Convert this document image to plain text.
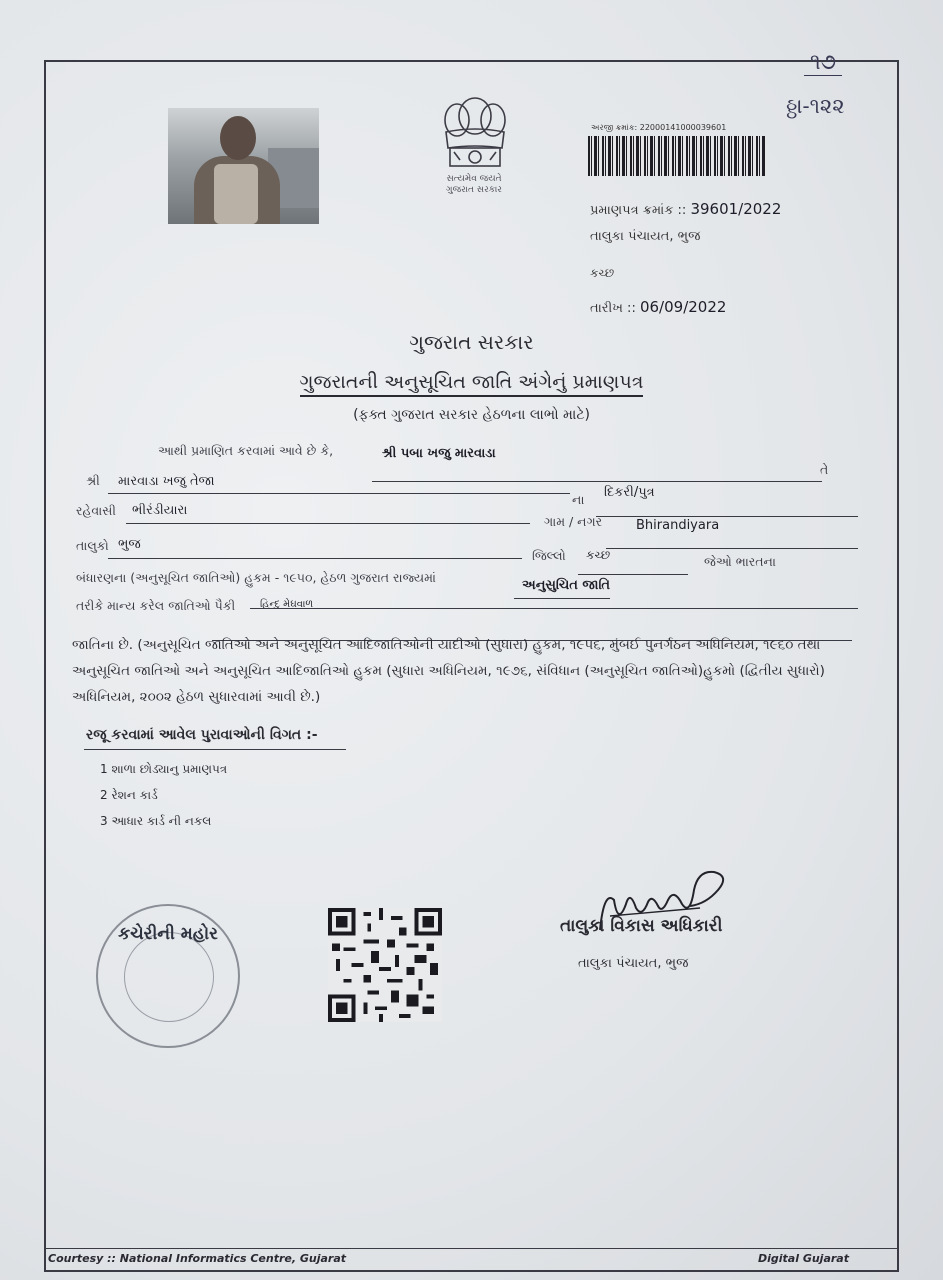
૧૭
ઠ્ઠા-૧૨૨
સત્યમેવ જયતે
ગુજરાત સરકાર
અરજી ક્રમાંક: 22000141000039601
પ્રમાણપત્ર ક્રમાંક :: 39601/2022
તાલુકા પંચાયત, ભુજ
કચ્છ
તારીખ :: 06/09/2022
ગુજરાત સરકાર
ગુજરાતની અનુસૂચિત જાતિ અંગેનું પ્રમાણપત્ર
(ફક્ત ગુજરાત સરકાર હેઠળના લાભો માટે)
આથી પ્રમાણિત કરવામાં આવે છે કે,	શ્રી પબા ખજુ મારવાડા
તે
શ્રી મારવાડા ખજુ તેજા
ના દિકરી/પુત્ર
રહેવાસી ભીરંડીયારા
ગામ / નગર	Bhirandiyara
તાલુકો ભુજ
જિલ્લો કચ્છ	જેઓ ભારતના
બંધારણના (અનુસૂચિત જાતિઓ) હુકમ - ૧૯૫૦, હેઠળ ગુજરાત રાજ્યમાં
અનુસુચિત જાતિ
તરીકે માન્ય કરેલ જાતિઓ પૈકી હિન્દુ મેઘવાળ
જાતિના છે. (અનુસૂચિત જાતિઓ અને અનુસૂચિત આદિજાતિઓની યાદીઓ (સુધારા) હુકમ, ૧૯૫૬, મુંબઈ પુનર્ગઠન અધિનિયમ, ૧૯૬૦ તથા અનુસૂચિત જાતિઓ અને અનુસૂચિત આદિજાતિઓ હુકમ (સુધારા અધિનિયમ, ૧૯૭૬, સંવિધાન (અનુસૂચિત જાતિઓ)હુકમો (દ્વિતીય સુધારો) અધિનિયમ, ૨૦૦૨ હેઠળ સુધારવામાં આવી છે.)
રજૂ કરવામાં આવેલ પુરાવાઓની વિગત :-
1 શાળા છોડ્યાનુ પ્રમાણપત્ર
2 રેશન કાર્ડ
3 આધાર કાર્ડ ની નકલ
કચેરીની મહોર	તાલુકા વિકાસ અધિકારી
તાલુકા પંચાયત, ભુજ
Courtesy :: National Informatics Centre, Gujarat	Digital Gujarat
